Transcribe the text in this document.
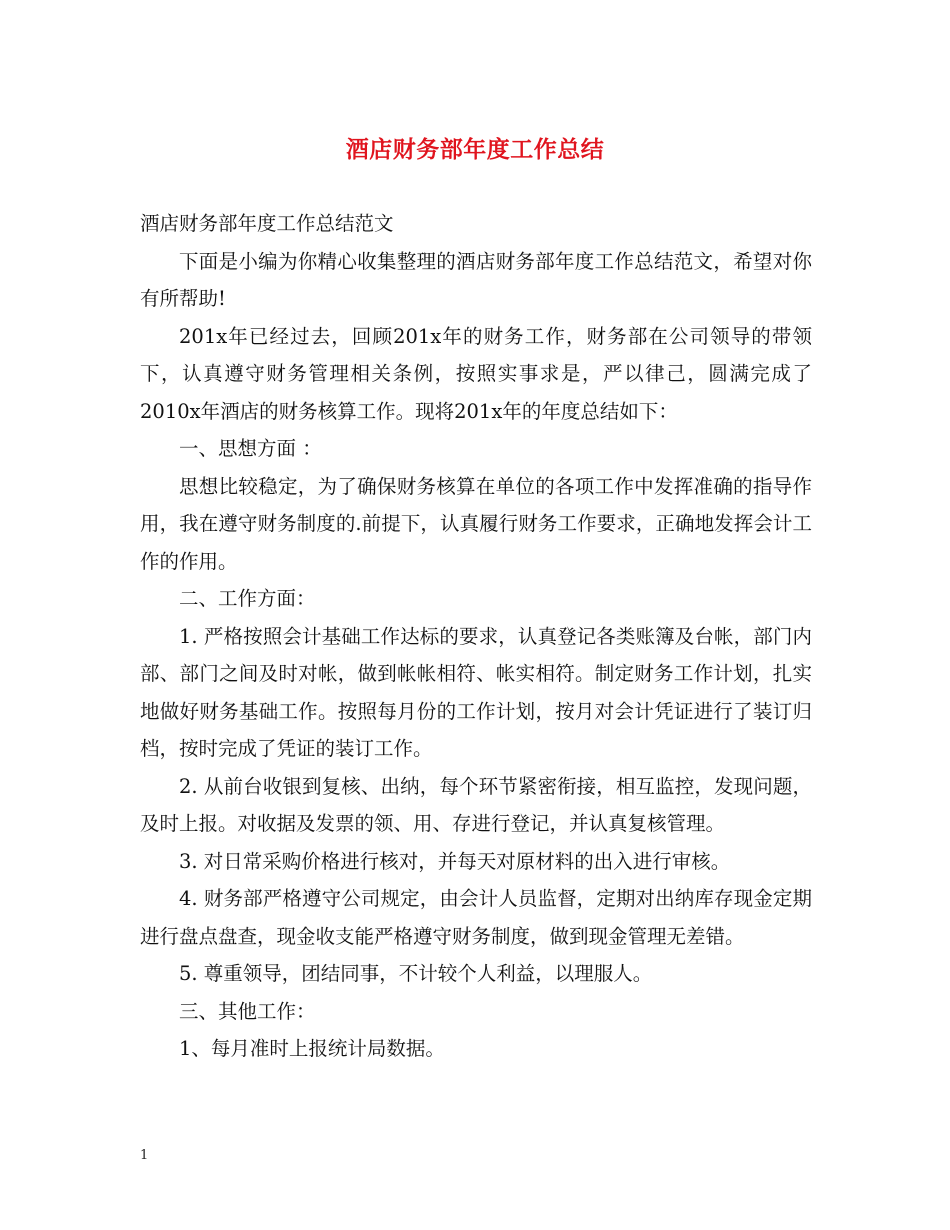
酒店财务部年度工作总结

酒店财务部年度工作总结范文

下面是小编为你精心收集整理的酒店财务部年度工作总结范文，希望对你有所帮助!

201x年已经过去，回顾201x年的财务工作，财务部在公司领导的带领下，认真遵守财务管理相关条例，按照实事求是，严以律己，圆满完成了2010x年酒店的财务核算工作。现将201x年的年度总结如下：

一、思想方面 ：

思想比较稳定，为了确保财务核算在单位的各项工作中发挥准确的指导作用，我在遵守财务制度的.前提下，认真履行财务工作要求，正确地发挥会计工作的作用。

二、工作方面：

1. 严格按照会计基础工作达标的要求，认真登记各类账簿及台帐，部门内部、部门之间及时对帐，做到帐帐相符、帐实相符。制定财务工作计划，扎实地做好财务基础工作。按照每月份的工作计划，按月对会计凭证进行了装订归档，按时完成了凭证的装订工作。

2. 从前台收银到复核、出纳，每个环节紧密衔接，相互监控，发现问题，及时上报。对收据及发票的领、用、存进行登记，并认真复核管理。

3. 对日常采购价格进行核对，并每天对原材料的出入进行审核。

4. 财务部严格遵守公司规定，由会计人员监督，定期对出纳库存现金定期进行盘点盘查，现金收支能严格遵守财务制度，做到现金管理无差错。

5. 尊重领导，团结同事，不计较个人利益，以理服人。

三、其他工作：

1、每月准时上报统计局数据。

1
